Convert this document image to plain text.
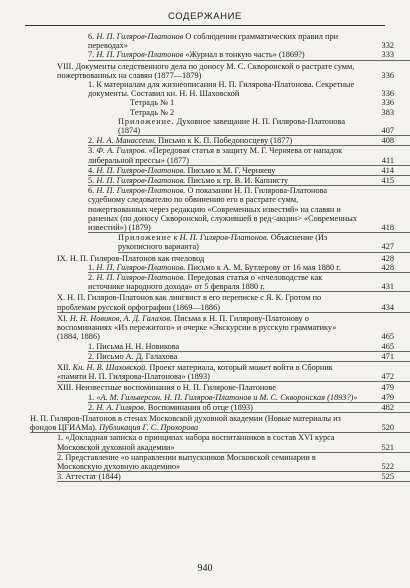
СОДЕРЖАНИЕ
6. Н. П. Гиляров-Платонов О соблюдении грамматических правил при переводах»	332
7. Н. П. Гиляров-Платонов «Журнал в тонкую часть» (1869?)	333
VIII. Документы следственного дела по доносу М. С. Скворонской о растрате сумм, пожертвованных на славян (1877—1879)	336
1. К материалам для жизнеописания Н. П. Гилярова-Платонова. Секретные документы. Составил кн. Н. Н. Шаховской	336
Тетрадь № 1	336
Тетрадь № 2	383
Приложение. Духовное завещание Н. П. Гилярова-Платонова (1874)	407
2. Н. А. Манассеин. Письмо к К. П. Победоносцеву (1877)	408
3. Ф. А. Гиляров. «Передовая статья в защиту М. Г. Черняева от нападок либеральной прессы» (1877)	411
4. Н. П. Гиляров-Платонов. Письмо к М. Г. Черняеву	414
5. Н. П. Гиляров-Платонов. Письмо к гр. В. И. Капнисту	415
6. Н. П. Гиляров-Платонов. О показании Н. П. Гилярова-Платонова судебному следователю по обвинению его в растрате сумм, пожертвованных через редакцию «Современных известий» на славян и раненых (по доносу Скворонской, служившей в ред<акции> «Современных известий») (1879)	418
Приложение к Н. П. Гиляров-Платонов. Объяснение (Из рукописного варианта)	427
IX. Н. П. Гиляров-Платонов как пчеловод	428
1. Н. П. Гиляров-Платонов. Письмо к А. М. Бутлерову от 16 мая 1880 г.	428
2. Н. П. Гиляров-Платонов. Передовая статья о «пчеловодстве как источнике народного дохода» от 5 февраля 1880 г.	431
X. Н. П. Гиляров-Платонов как лингвист в его переписке с Я. К. Гротом по проблемам русской орфографии (1869—1886)	434
XI. Н. Н. Новиков, А. Д. Галахов. Письма к Н. П. Гилярову-Платонову о воспоминаниях «Из пережитого» и очерке «Экскурсии в русскую грамматику» (1884, 1886)	465
1. Письма Н. Н. Новикова	465
2. Письмо А. Д. Галахова	471
XII. Кн. Н. В. Шаховской. Проект материала, который может войти в Сборник «памяти Н. П. Гилярова-Платонова» (1893)	472
XIII. Неизвестные воспоминания о Н. П. Гилярове-Платонове	479
1. «А. М. Гильверсон. Н. П. Гиляров-Платонов и М. С. Скворонская (1893?)»	479
2. Н. А. Гиляров. Воспоминания об отце (1893)	482
Н. П. Гиляров-Платонов в стенах Московской духовной академии (Новые материалы из фондов ЦГИАМа). Публикация Г. С. Прохорова	520
1. «Докладная записка о принципах набора воспитанников в состав XVI курса Московской духовной академии»	521
2. Представление «о направлении выпускников Московской семинарии в Московскую духовную академию»	522
3. Аттестат (1844)	525
940
